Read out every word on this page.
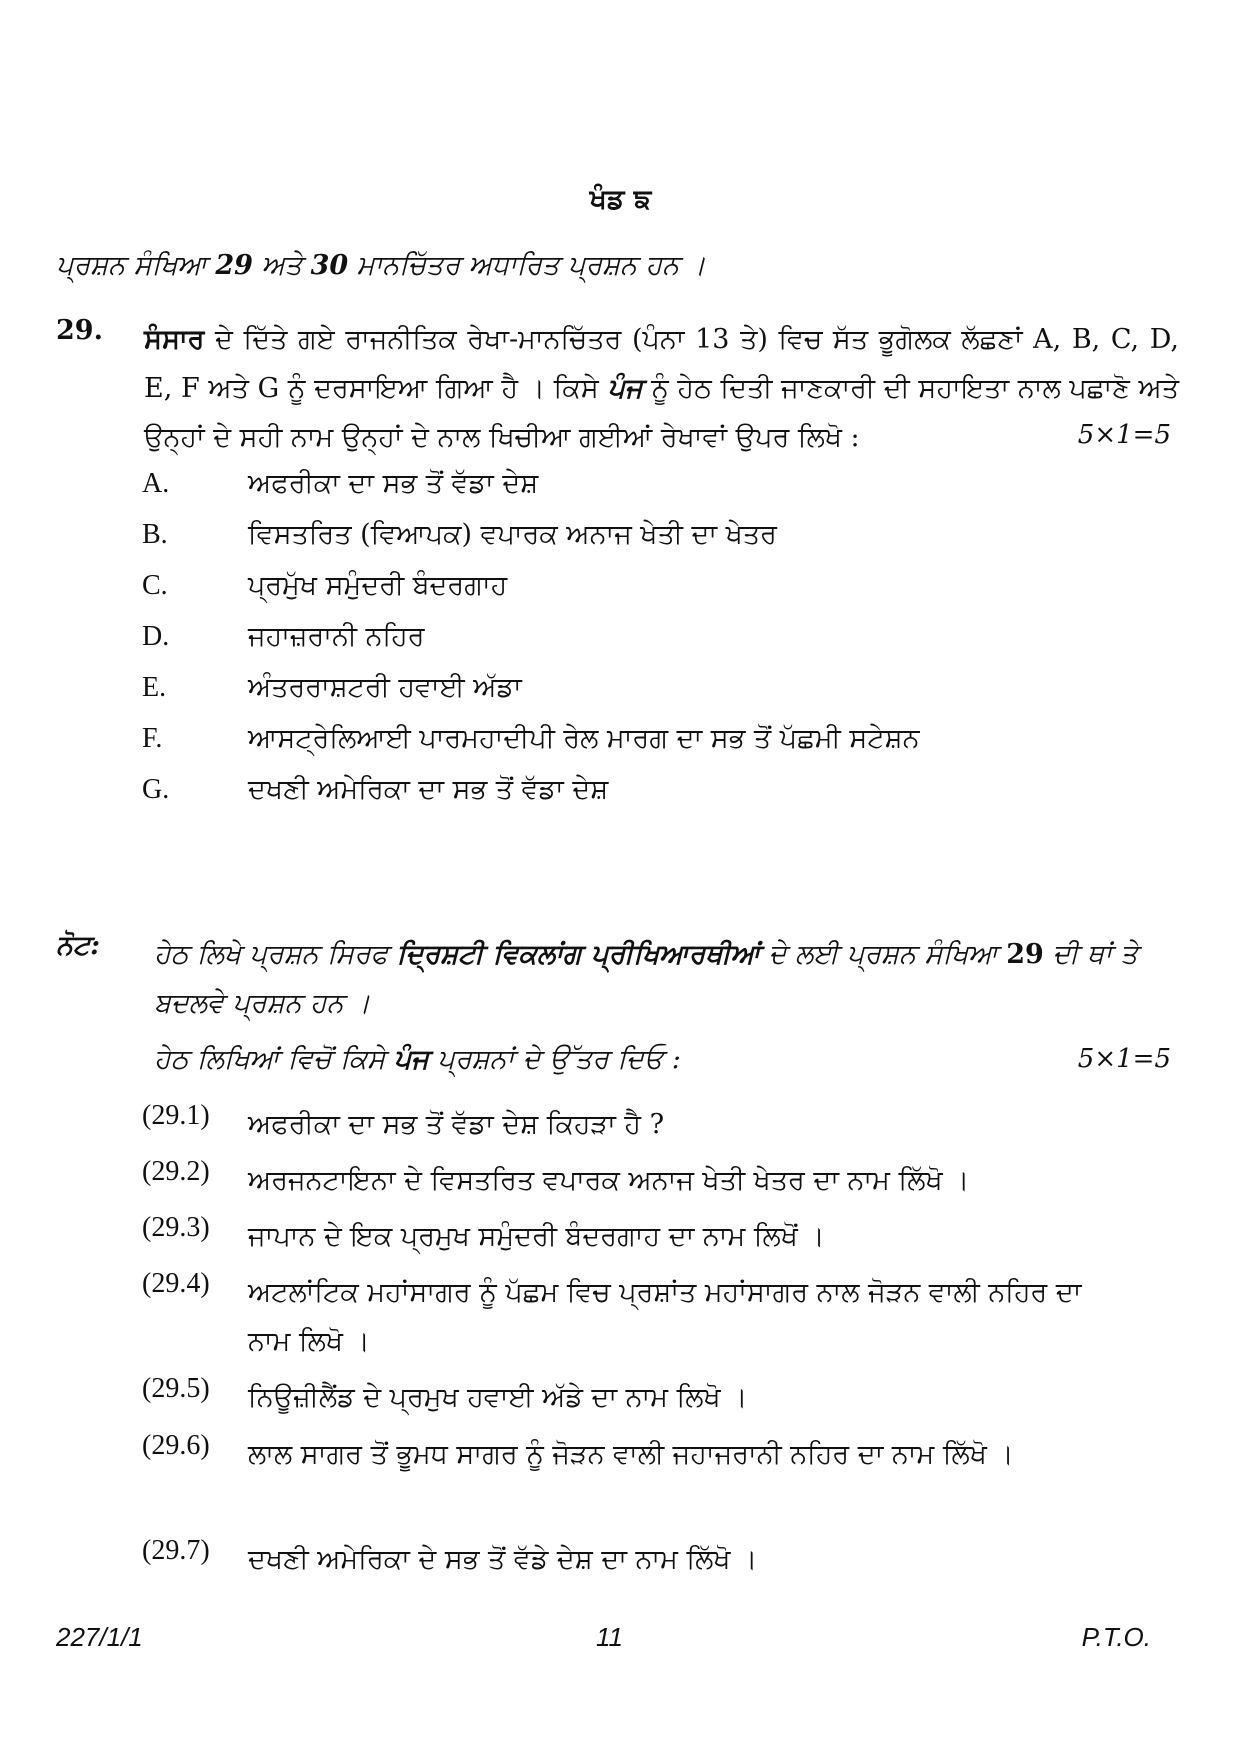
ਖੰਡ ਙ
ਪ੍ਰਸ਼ਨ ਸੰਖਿਆ 29 ਅਤੇ 30 ਮਾਨਚਿੱਤਰ ਅਧਾਰਿਤ ਪ੍ਰਸ਼ਨ ਹਨ ।
29. ਸੰਸਾਰ ਦੇ ਦਿੱਤੇ ਗਏ ਰਾਜਨੀਤਿਕ ਰੇਖਾ-ਮਾਨਚਿੱਤਰ (ਪੰਨਾ 13 ਤੇ) ਵਿਚ ਸੱਤ ਭੂਗੋਲਕ ਲੱਛਣਾਂ A, B, C, D, E, F ਅਤੇ G ਨੂੰ ਦਰਸਾਇਆ ਗਿਆ ਹੈ । ਕਿਸੇ ਪੰਜ ਨੂੰ ਹੇਠ ਦਿਤੀ ਜਾਣਕਾਰੀ ਦੀ ਸਹਾਇਤਾ ਨਾਲ ਪਛਾਣੋ ਅਤੇ ਉਨ੍ਹਾਂ ਦੇ ਸਹੀ ਨਾਮ ਉਨ੍ਹਾਂ ਦੇ ਨਾਲ ਖਿਚੀਆ ਗਈਆਂ ਰੇਖਾਵਾਂ ਉਪਰ ਲਿਖੋ :	5×1=5
A.	ਅਫਰੀਕਾ ਦਾ ਸਭ ਤੋਂ ਵੱਡਾ ਦੇਸ਼
B.	ਵਿਸਤਰਿਤ (ਵਿਆਪਕ) ਵਪਾਰਕ ਅਨਾਜ ਖੇਤੀ ਦਾ ਖੇਤਰ
C.	ਪ੍ਰਮੁੱਖ ਸਮੁੰਦਰੀ ਬੰਦਰਗਾਹ
D.	ਜਹਾਜ਼ਰਾਨੀ ਨਹਿਰ
E.	ਅੰਤਰਰਾਸ਼ਟਰੀ ਹਵਾਈ ਅੱਡਾ
F.	ਆਸਟ੍ਰੇਲਿਆਈ ਪਾਰਮਹਾਦੀਪੀ ਰੇਲ ਮਾਰਗ ਦਾ ਸਭ ਤੋਂ ਪੱਛਮੀ ਸਟੇਸ਼ਨ
G.	ਦਖਣੀ ਅਮੇਰਿਕਾ ਦਾ ਸਭ ਤੋਂ ਵੱਡਾ ਦੇਸ਼
ਨੋਟ: ਹੇਠ ਲਿਖੇ ਪ੍ਰਸ਼ਨ ਸਿਰਫ ਦ੍ਰਿਸ਼ਟੀ ਵਿਕਲਾਂਗ ਪ੍ਰੀਖਿਆਰਥੀਆਂ ਦੇ ਲਈ ਪ੍ਰਸ਼ਨ ਸੰਖਿਆ 29 ਦੀ ਥਾਂ ਤੇ ਬਦਲਵੇ ਪ੍ਰਸ਼ਨ ਹਨ ।
ਹੇਠ ਲਿਖਿਆਂ ਵਿਚੋਂ ਕਿਸੇ ਪੰਜ ਪ੍ਰਸ਼ਨਾਂ ਦੇ ਉੱਤਰ ਦਿਓ :	5×1=5
(29.1)	ਅਫਰੀਕਾ ਦਾ ਸਭ ਤੋਂ ਵੱਡਾ ਦੇਸ਼ ਕਿਹੜਾ ਹੈ ?
(29.2)	ਅਰਜਨਟਾਇਨਾ ਦੇ ਵਿਸਤਰਿਤ ਵਪਾਰਕ ਅਨਾਜ ਖੇਤੀ ਖੇਤਰ ਦਾ ਨਾਮ ਲਿੱਖੋ ।
(29.3)	ਜਾਪਾਨ ਦੇ ਇਕ ਪ੍ਰਮੁਖ ਸਮੁੰਦਰੀ ਬੰਦਰਗਾਹ ਦਾ ਨਾਮ ਲਿਖੋਂ ।
(29.4)	ਅਟਲਾਂਟਿਕ ਮਹਾਂਸਾਗਰ ਨੂੰ ਪੱਛਮ ਵਿਚ ਪ੍ਰਸ਼ਾਂਤ ਮਹਾਂਸਾਗਰ ਨਾਲ ਜੋੜਨ ਵਾਲੀ ਨਹਿਰ ਦਾ ਨਾਮ ਲਿਖੋ ।
(29.5)	ਨਿਊਜ਼ੀਲੈਂਡ ਦੇ ਪ੍ਰਮੁਖ ਹਵਾਈ ਅੱਡੇ ਦਾ ਨਾਮ ਲਿਖੋ ।
(29.6)	ਲਾਲ ਸਾਗਰ ਤੋਂ ਭੂਮਧ ਸਾਗਰ ਨੂੰ ਜੋੜਨ ਵਾਲੀ ਜਹਾਜਰਾਨੀ ਨਹਿਰ ਦਾ ਨਾਮ ਲਿੱਖੋ ।
(29.7)	ਦਖਣੀ ਅਮੇਰਿਕਾ ਦੇ ਸਭ ਤੋਂ ਵੱਡੇ ਦੇਸ਼ ਦਾ ਨਾਮ ਲਿੱਖੋ ।
227/1/1	11	P.T.O.
